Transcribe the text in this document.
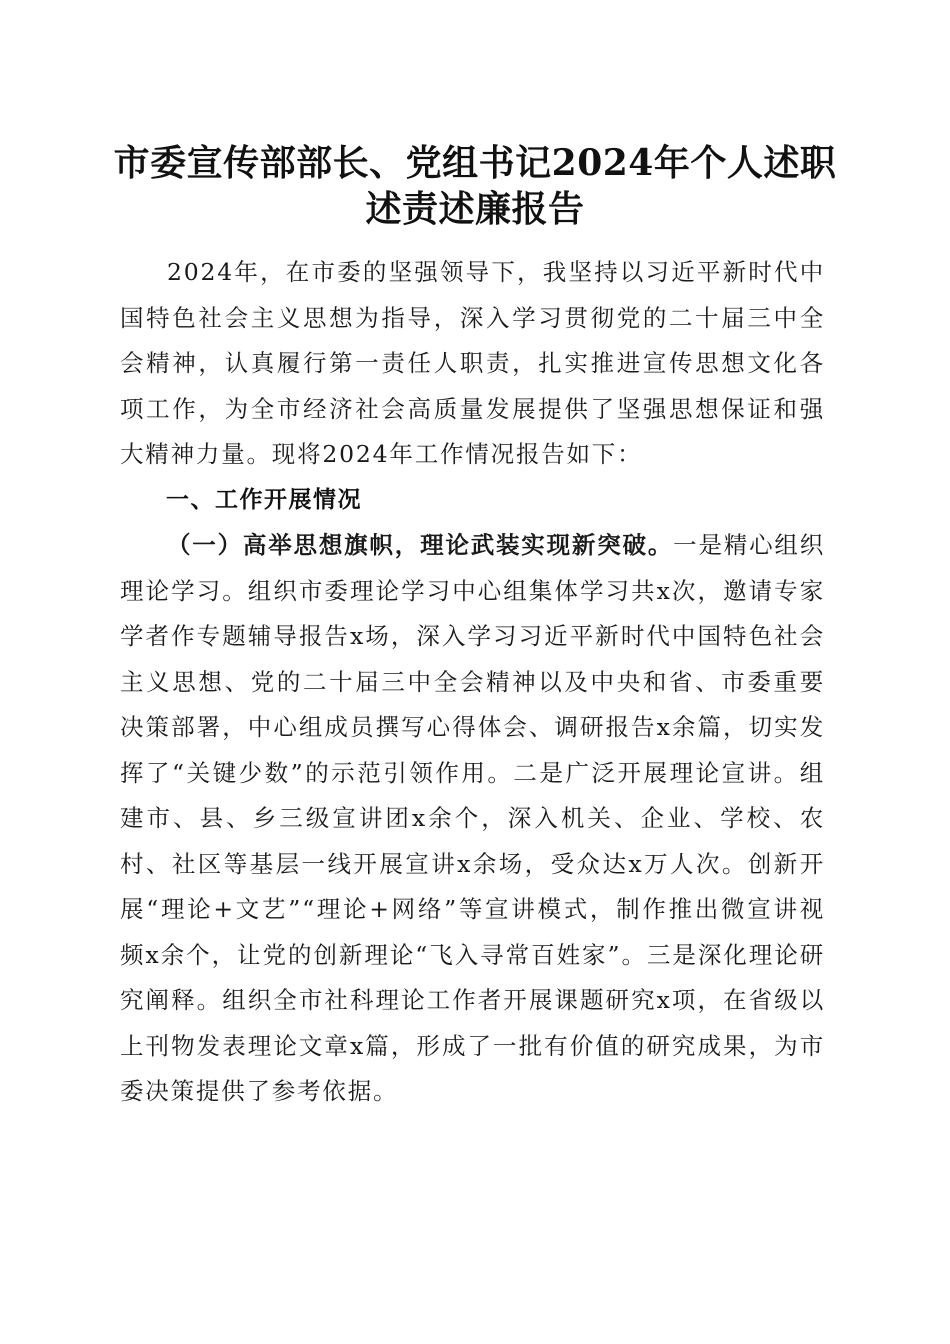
市委宣传部部长、党组书记2024年个人述职
述责述廉报告

2024年，在市委的坚强领导下，我坚持以习近平新时代中国特色社会主义思想为指导，深入学习贯彻党的二十届三中全会精神，认真履行第一责任人职责，扎实推进宣传思想文化各项工作，为全市经济社会高质量发展提供了坚强思想保证和强大精神力量。现将2024年工作情况报告如下：

一、工作开展情况

（一）高举思想旗帜，理论武装实现新突破。一是精心组织理论学习。组织市委理论学习中心组集体学习共x次，邀请专家学者作专题辅导报告x场，深入学习习近平新时代中国特色社会主义思想、党的二十届三中全会精神以及中央和省、市委重要决策部署，中心组成员撰写心得体会、调研报告x余篇，切实发挥了“关键少数”的示范引领作用。二是广泛开展理论宣讲。组建市、县、乡三级宣讲团x余个，深入机关、企业、学校、农村、社区等基层一线开展宣讲x余场，受众达x万人次。创新开展“理论+文艺”“理论+网络”等宣讲模式，制作推出微宣讲视频x余个，让党的创新理论“飞入寻常百姓家”。三是深化理论研究阐释。组织全市社科理论工作者开展课题研究x项，在省级以上刊物发表理论文章x篇，形成了一批有价值的研究成果，为市委决策提供了参考依据。
